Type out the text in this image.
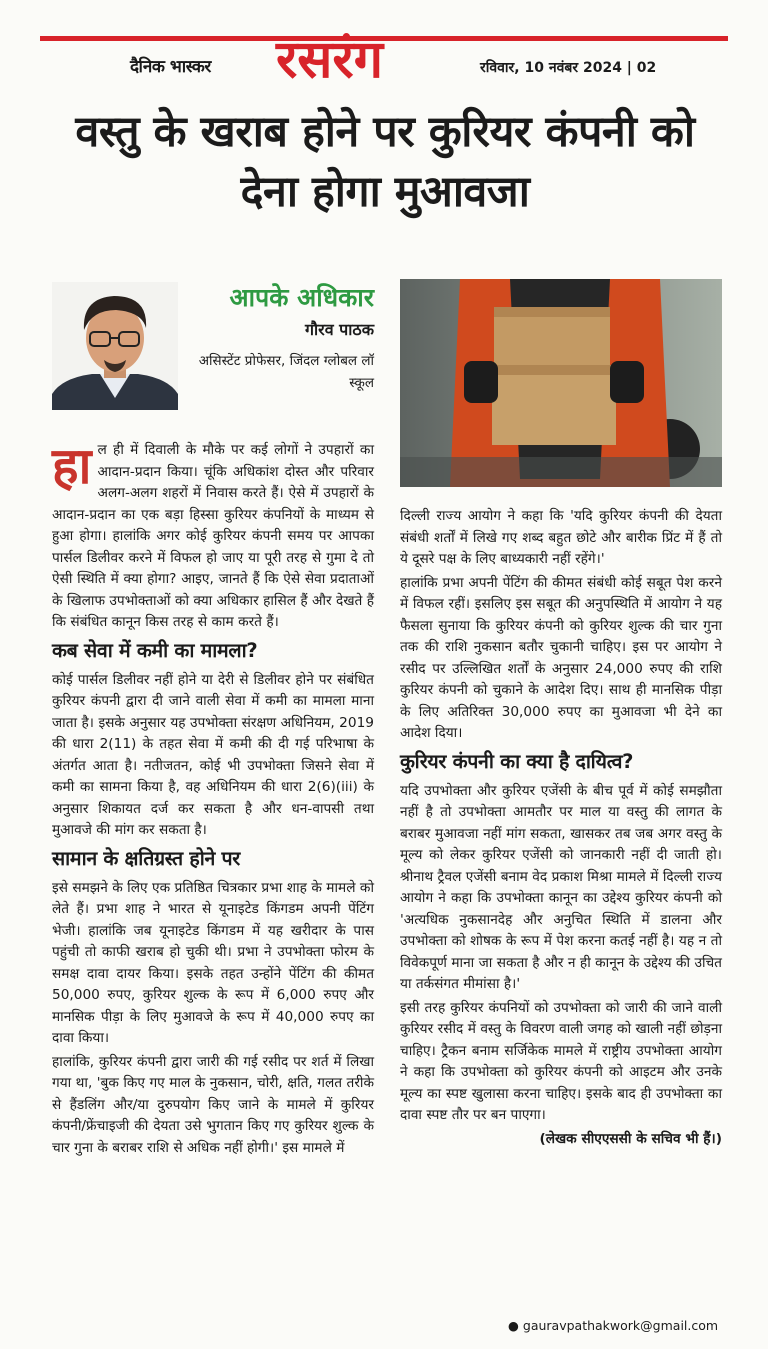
दैनिक भास्कर रसरंग	रविवार, 10 नवंबर 2024 | 02
वस्तु के खराब होने पर कुरियर कंपनी को देना होगा मुआवजा
आपके अधिकार
गौरव पाठक
असिस्टेंट प्रोफेसर, जिंदल ग्लोबल लॉ स्कूल

हाल ही में दिवाली के मौके पर कई लोगों ने उपहारों का आदान-प्रदान किया। चूंकि अधिकांश दोस्त और परिवार अलग-अलग शहरों में निवास करते हैं। ऐसे में उपहारों के आदान-प्रदान का एक बड़ा हिस्सा कुरियर कंपनियों के माध्यम से हुआ होगा। हालांकि अगर कोई कुरियर कंपनी समय पर आपका पार्सल डिलीवर करने में विफल हो जाए या पूरी तरह से गुमा दे तो ऐसी स्थिति में क्या होगा? आइए, जानते हैं कि ऐसे सेवा प्रदाताओं के खिलाफ उपभोक्ताओं को क्या अधिकार हासिल हैं और देखते हैं कि संबंधित कानून किस तरह से काम करते हैं।

कब सेवा में कमी का मामला?

कोई पार्सल डिलीवर नहीं होने या देरी से डिलीवर होने पर संबंधित कुरियर कंपनी द्वारा दी जाने वाली सेवा में कमी का मामला माना जाता है। इसके अनुसार यह उपभोक्ता संरक्षण अधिनियम, 2019 की धारा 2(11) के तहत सेवा में कमी की दी गई परिभाषा के अंतर्गत आता है। नतीजतन, कोई भी उपभोक्ता जिसने सेवा में कमी का सामना किया है, वह अधिनियम की धारा 2(6)(iii) के अनुसार शिकायत दर्ज कर सकता है और धन-वापसी तथा मुआवजे की मांग कर सकता है।

सामान के क्षतिग्रस्त होने पर

इसे समझने के लिए एक प्रतिष्ठित चित्रकार प्रभा शाह के मामले को लेते हैं। प्रभा शाह ने भारत से यूनाइटेड किंगडम अपनी पेंटिंग भेजी। हालांकि जब यूनाइटेड किंगडम में यह खरीदार के पास पहुंची तो काफी खराब हो चुकी थी। प्रभा ने उपभोक्ता फोरम के समक्ष दावा दायर किया। इसके तहत उन्होंने पेंटिंग की कीमत 50,000 रुपए, कुरियर शुल्क के रूप में 6,000 रुपए और मानसिक पीड़ा के लिए मुआवजे के रूप में 40,000 रुपए का दावा किया।

हालांकि, कुरियर कंपनी द्वारा जारी की गई रसीद पर शर्त में लिखा गया था, 'बुक किए गए माल के नुकसान, चोरी, क्षति, गलत तरीके से हैंडलिंग और/या दुरुपयोग किए जाने के मामले में कुरियर कंपनी/फ्रेंचाइजी की देयता उसे भुगतान किए गए कुरियर शुल्क के चार गुना के बराबर राशि से अधिक नहीं होगी।' इस मामले में

दिल्ली राज्य आयोग ने कहा कि 'यदि कुरियर कंपनी की देयता संबंधी शर्तों में लिखे गए शब्द बहुत छोटे और बारीक प्रिंट में हैं तो ये दूसरे पक्ष के लिए बाध्यकारी नहीं रहेंगे।'

हालांकि प्रभा अपनी पेंटिंग की कीमत संबंधी कोई सबूत पेश करने में विफल रहीं। इसलिए इस सबूत की अनुपस्थिति में आयोग ने यह फैसला सुनाया कि कुरियर कंपनी को कुरियर शुल्क की चार गुना तक की राशि नुकसान बतौर चुकानी चाहिए। इस पर आयोग ने रसीद पर उल्लिखित शर्तों के अनुसार 24,000 रुपए की राशि कुरियर कंपनी को चुकाने के आदेश दिए। साथ ही मानसिक पीड़ा के लिए अतिरिक्त 30,000 रुपए का मुआवजा भी देने का आदेश दिया।

कुरियर कंपनी का क्या है दायित्व?

यदि उपभोक्ता और कुरियर एजेंसी के बीच पूर्व में कोई समझौता नहीं है तो उपभोक्ता आमतौर पर माल या वस्तु की लागत के बराबर मुआवजा नहीं मांग सकता, खासकर तब जब अगर वस्तु के मूल्य को लेकर कुरियर एजेंसी को जानकारी नहीं दी जाती हो। श्रीनाथ ट्रैवल एजेंसी बनाम वेद प्रकाश मिश्रा मामले में दिल्ली राज्य आयोग ने कहा कि उपभोक्ता कानून का उद्देश्य कुरियर कंपनी को 'अत्यधिक नुकसानदेह और अनुचित स्थिति में डालना और उपभोक्ता को शोषक के रूप में पेश करना कतई नहीं है। यह न तो विवेकपूर्ण माना जा सकता है और न ही कानून के उद्देश्य की उचित या तर्कसंगत मीमांसा है।'

इसी तरह कुरियर कंपनियों को उपभोक्ता को जारी की जाने वाली कुरियर रसीद में वस्तु के विवरण वाली जगह को खाली नहीं छोड़ना चाहिए। ट्रैकन बनाम सर्जिकेक मामले में राष्ट्रीय उपभोक्ता आयोग ने कहा कि उपभोक्ता को कुरियर कंपनी को आइटम और उनके मूल्य का स्पष्ट खुलासा करना चाहिए। इसके बाद ही उपभोक्ता का दावा स्पष्ट तौर पर बन पाएगा।

(लेखक सीएएससी के सचिव भी हैं।)

● gauravpathakwork@gmail.com
